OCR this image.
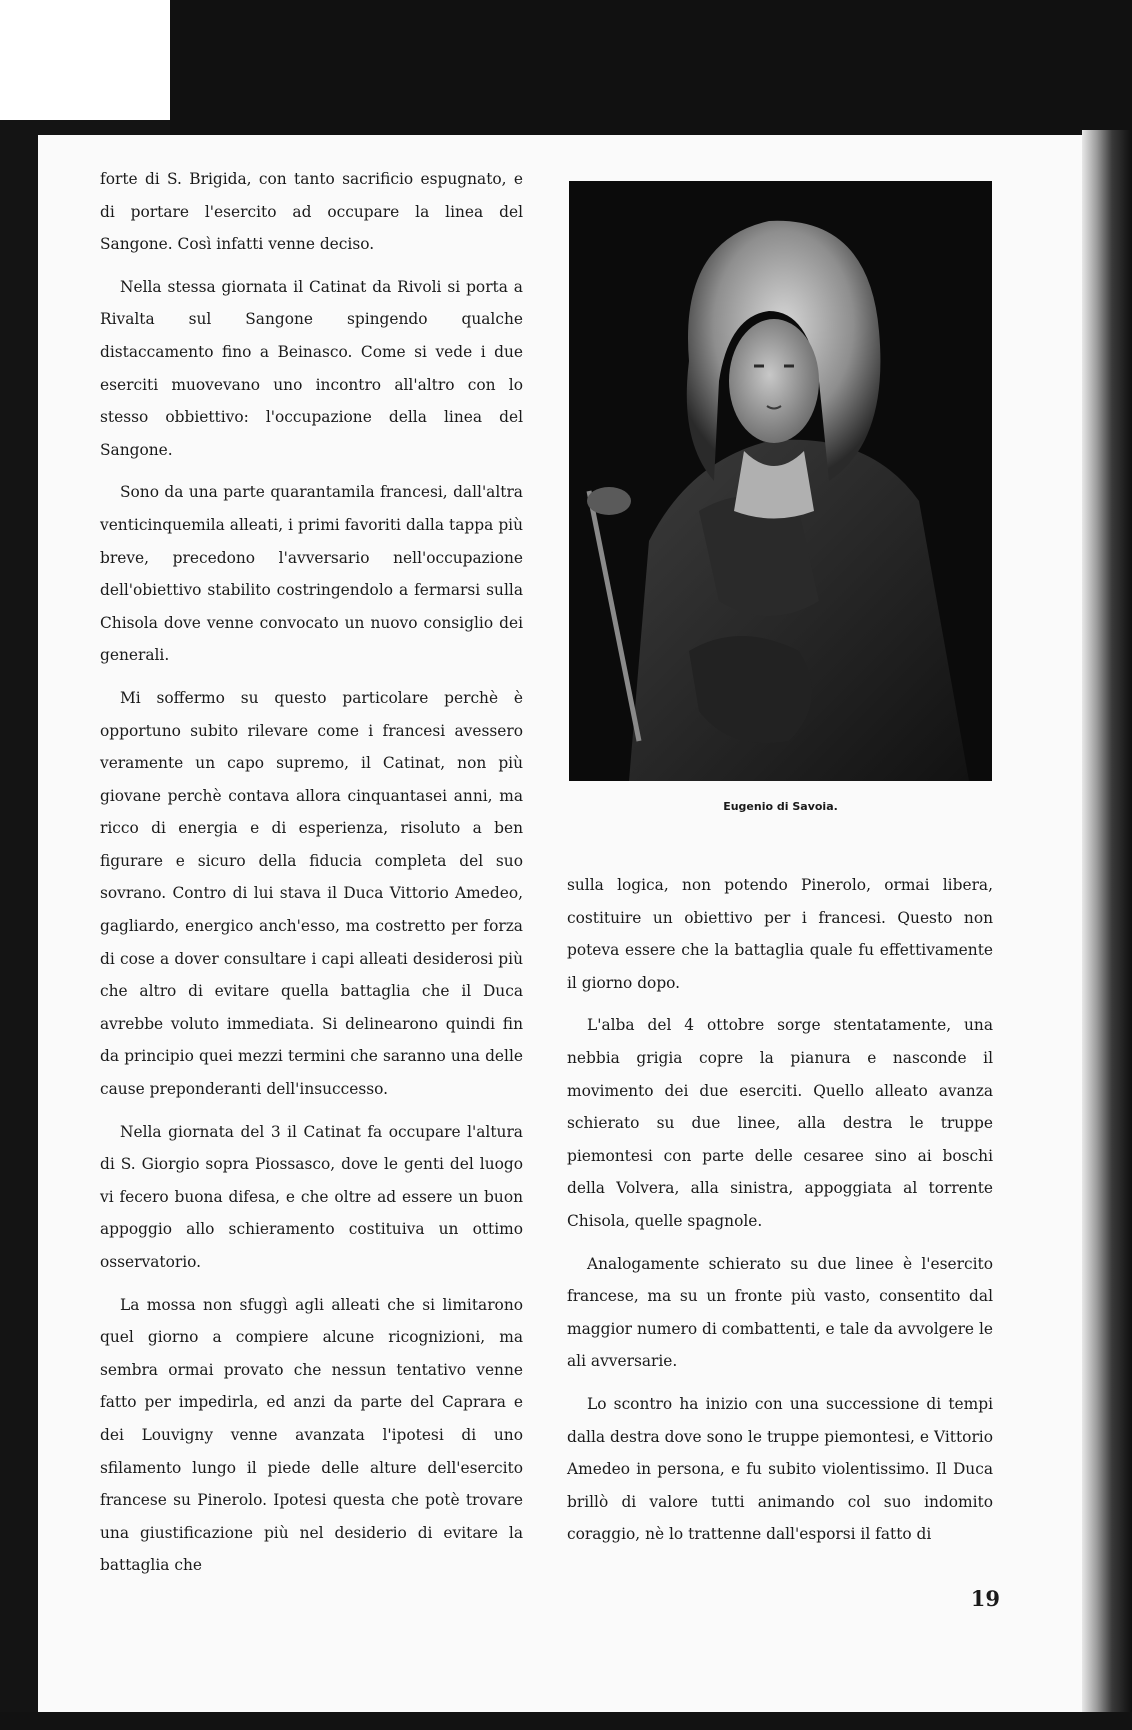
forte di S. Brigida, con tanto sacrificio espugnato, e di portare l'esercito ad occupare la linea del Sangone. Così infatti venne deciso.

Nella stessa giornata il Catinat da Rivoli si porta a Rivalta sul Sangone spingendo qualche distaccamento fino a Beinasco. Come si vede i due eserciti muovevano uno incontro all'altro con lo stesso obbiettivo: l'occupazione della linea del Sangone.

Sono da una parte quarantamila francesi, dall'altra venticinquemila alleati, i primi favoriti dalla tappa più breve, precedono l'avversario nell'occupazione dell'obiettivo stabilito costringendolo a fermarsi sulla Chisola dove venne convocato un nuovo consiglio dei generali.

Mi soffermo su questo particolare perchè è opportuno subito rilevare come i francesi avessero veramente un capo supremo, il Catinat, non più giovane perchè contava allora cinquantasei anni, ma ricco di energia e di esperienza, risoluto a ben figurare e sicuro della fiducia completa del suo sovrano. Contro di lui stava il Duca Vittorio Amedeo, gagliardo, energico anch'esso, ma costretto per forza di cose a dover consultare i capi alleati desiderosi più che altro di evitare quella battaglia che il Duca avrebbe voluto immediata. Si delinearono quindi fin da principio quei mezzi termini che saranno una delle cause preponderanti dell'insuccesso.

Nella giornata del 3 il Catinat fa occupare l'altura di S. Giorgio sopra Piossasco, dove le genti del luogo vi fecero buona difesa, e che oltre ad essere un buon appoggio allo schieramento costituiva un ottimo osservatorio.

La mossa non sfuggì agli alleati che si limitarono quel giorno a compiere alcune ricognizioni, ma sembra ormai provato che nessun tentativo venne fatto per impedirla, ed anzi da parte del Caprara e dei Louvigny venne avanzata l'ipotesi di uno sfilamento lungo il piede delle alture dell'esercito francese su Pinerolo. Ipotesi questa che potè trovare una giustificazione più nel desiderio di evitare la battaglia che

Eugenio di Savoia.

sulla logica, non potendo Pinerolo, ormai libera, costituire un obiettivo per i francesi. Questo non poteva essere che la battaglia quale fu effettivamente il giorno dopo.

L'alba del 4 ottobre sorge stentatamente, una nebbia grigia copre la pianura e nasconde il movimento dei due eserciti. Quello alleato avanza schierato su due linee, alla destra le truppe piemontesi con parte delle cesaree sino ai boschi della Volvera, alla sinistra, appoggiata al torrente Chisola, quelle spagnole.

Analogamente schierato su due linee è l'esercito francese, ma su un fronte più vasto, consentito dal maggior numero di combattenti, e tale da avvolgere le ali avversarie.

Lo scontro ha inizio con una successione di tempi dalla destra dove sono le truppe piemontesi, e Vittorio Amedeo in persona, e fu subito violentissimo. Il Duca brillò di valore tutti animando col suo indomito coraggio, nè lo trattenne dall'esporsi il fatto di

19
